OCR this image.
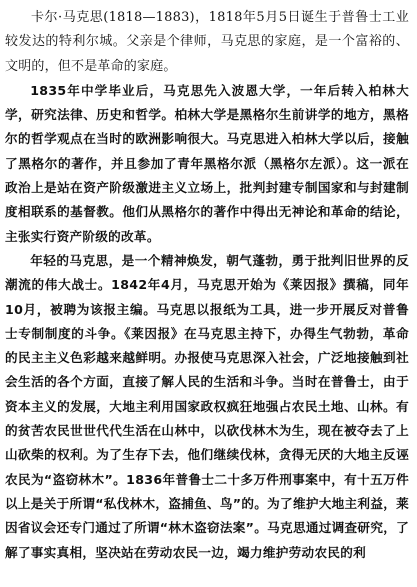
卡尔·马克思(1818—1883)，1818年5月5日诞生于普鲁士工业较发达的特利尔城。父亲是个律师，马克思的家庭，是一个富裕的、文明的，但不是革命的家庭。

1835年中学毕业后，马克思先入波恩大学，一年后转入柏林大学，研究法律、历史和哲学。柏林大学是黑格尔生前讲学的地方，黑格尔的哲学观点在当时的欧洲影响很大。马克思进入柏林大学以后，接触了黑格尔的著作，并且参加了青年黑格尔派（黑格尔左派）。这一派在政治上是站在资产阶级激进主义立场上，批判封建专制国家和与封建制度相联系的基督教。他们从黑格尔的著作中得出无神论和革命的结论，主张实行资产阶级的改革。

年轻的马克思，是一个精神焕发，朝气蓬勃，勇于批判旧世界的反潮流的伟大战士。1842年4月，马克思开始为《莱因报》撰稿，同年10月，被聘为该报主编。马克思以报纸为工具，进一步开展反对普鲁士专制制度的斗争。《莱因报》在马克思主持下，办得生气勃勃，革命的民主主义色彩越来越鲜明。办报使马克思深入社会，广泛地接触到社会生活的各个方面，直接了解人民的生活和斗争。当时在普鲁士，由于资本主义的发展，大地主利用国家政权疯狂地强占农民土地、山林。有的贫苦农民世世代代生活在山林中，以砍伐林木为生，现在被夺去了上山砍柴的权利。为了生存下去，他们继续伐林，贪得无厌的大地主反诬农民为“盗窃林木”。1836年普鲁士二十多万件刑事案中，有十五万件以上是关于所谓“私伐林木，盗捕鱼、鸟”的。为了维护大地主利益，莱因省议会还专门通过了所谓“林木盗窃法案”。马克思通过调查研究，了解了事实真相，坚决站在劳动农民一边，竭力维护劳动农民的利
